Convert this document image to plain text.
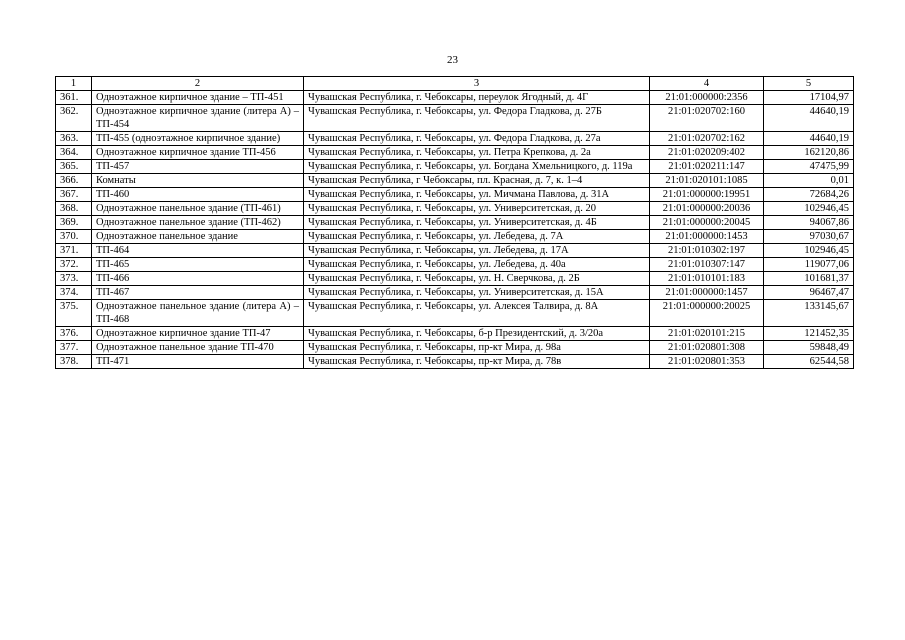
23
1	2	3	4	5
361.	Одноэтажное кирпичное здание – ТП-451	Чувашская Республика, г. Чебоксары, переулок Ягодный, д. 4Г	21:01:000000:2356	17104,97
362.	Одноэтажное кирпичное здание (литера А) – ТП-454	Чувашская Республика, г. Чебоксары, ул. Федора Гладкова, д. 27Б	21:01:020702:160	44640,19
363.	ТП-455 (одноэтажное кирпичное здание)	Чувашская Республика, г. Чебоксары, ул. Федора Гладкова, д. 27а	21:01:020702:162	44640,19
364.	Одноэтажное кирпичное здание ТП-456	Чувашская Республика, г. Чебоксары, ул. Петра Крепкова, д. 2а	21:01:020209:402	162120,86
365.	ТП-457	Чувашская Республика, г. Чебоксары, ул. Богдана Хмельницкого, д. 119а	21:01:020211:147	47475,99
366.	Комнаты	Чувашская Республика, г Чебоксары, пл. Красная, д. 7, к. 1–4	21:01:020101:1085	0,01
367.	ТП-460	Чувашская Республика, г. Чебоксары, ул. Мичмана Павлова, д. 31А	21:01:000000:19951	72684,26
368.	Одноэтажное панельное здание (ТП-461)	Чувашская Республика, г. Чебоксары, ул. Университетская, д. 20	21:01:000000:20036	102946,45
369.	Одноэтажное панельное здание (ТП-462)	Чувашская Республика, г. Чебоксары, ул. Университетская, д. 4Б	21:01:000000:20045	94067,86
370.	Одноэтажное панельное здание	Чувашская Республика, г. Чебоксары, ул. Лебедева, д. 7А	21:01:000000:1453	97030,67
371.	ТП-464	Чувашская Республика, г. Чебоксары, ул. Лебедева, д. 17А	21:01:010302:197	102946,45
372.	ТП-465	Чувашская Республика, г. Чебоксары, ул. Лебедева, д. 40а	21:01:010307:147	119077,06
373.	ТП-466	Чувашская Республика, г. Чебоксары, ул. Н. Сверчкова, д. 2Б	21:01:010101:183	101681,37
374.	ТП-467	Чувашская Республика, г. Чебоксары, ул. Университетская, д. 15А	21:01:000000:1457	96467,47
375.	Одноэтажное панельное здание (литера А) – ТП-468	Чувашская Республика, г. Чебоксары, ул. Алексея Талвира, д. 8А	21:01:000000:20025	133145,67
376.	Одноэтажное кирпичное здание ТП-47	Чувашская Республика, г. Чебоксары, б-р Президентский, д. 3/20а	21:01:020101:215	121452,35
377.	Одноэтажное панельное здание ТП-470	Чувашская Республика, г. Чебоксары, пр-кт Мира, д. 98а	21:01:020801:308	59848,49
378.	ТП-471	Чувашская Республика, г. Чебоксары, пр-кт Мира, д. 78в	21:01:020801:353	62544,58
